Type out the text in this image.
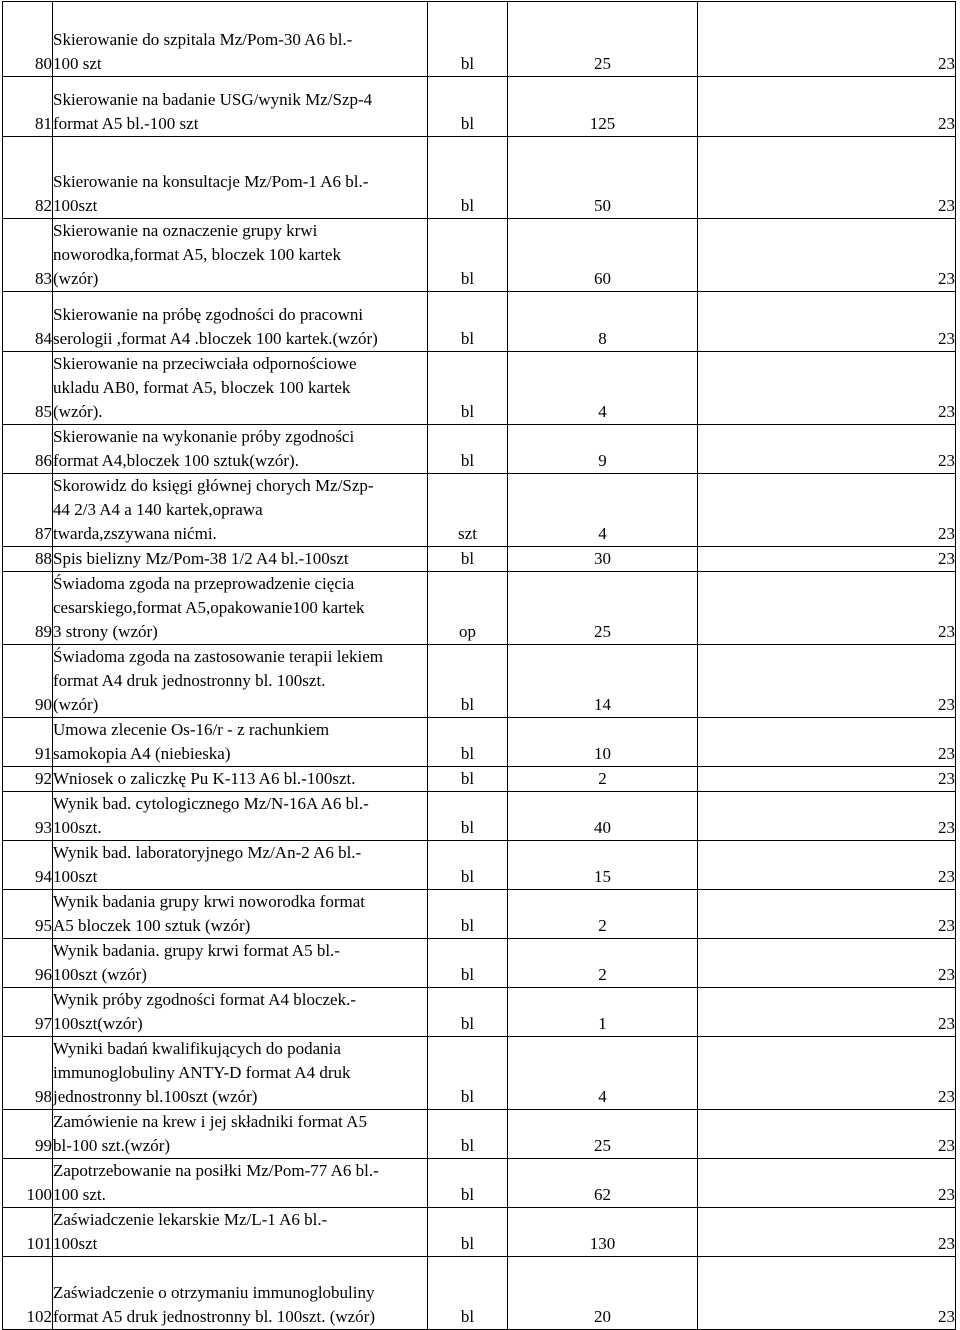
80	Skierowanie do szpitala Mz/Pom-30 A6 bl.-
100 szt	bl	25	23
81	Skierowanie na badanie USG/wynik Mz/Szp-4
format A5 bl.-100 szt	bl	125	23
82	Skierowanie na konsultacje Mz/Pom-1 A6 bl.-
100szt	bl	50	23
83	Skierowanie na oznaczenie grupy krwi
noworodka,format A5, bloczek 100 kartek
(wzór)	bl	60	23
84	Skierowanie na próbę zgodności do pracowni
serologii ,format A4 .bloczek 100 kartek.(wzór)	bl	8	23
85	Skierowanie na przeciwciała odpornościowe
ukladu AB0, format A5, bloczek 100 kartek
(wzór).	bl	4	23
86	Skierowanie na wykonanie próby zgodności
format A4,bloczek 100 sztuk(wzór).	bl	9	23
87	Skorowidz do księgi głównej chorych Mz/Szp-
44 2/3 A4 a 140 kartek,oprawa
twarda,zszywana nićmi.	szt	4	23
88	Spis bielizny Mz/Pom-38 1/2 A4 bl.-100szt	bl	30	23
89	Świadoma zgoda na przeprowadzenie cięcia
cesarskiego,format A5,opakowanie100 kartek
3 strony (wzór)	op	25	23
90	Świadoma zgoda na zastosowanie terapii lekiem
format A4 druk jednostronny bl. 100szt.
(wzór)	bl	14	23
91	Umowa zlecenie Os-16/r - z rachunkiem
samokopia A4 (niebieska)	bl	10	23
92	Wniosek o zaliczkę Pu K-113 A6 bl.-100szt.	bl	2	23
93	Wynik bad. cytologicznego Mz/N-16A A6 bl.-
100szt.	bl	40	23
94	Wynik bad. laboratoryjnego Mz/An-2 A6 bl.-
100szt	bl	15	23
95	Wynik badania grupy krwi noworodka format
A5 bloczek 100 sztuk (wzór)	bl	2	23
96	Wynik badania. grupy krwi format A5 bl.-
100szt (wzór)	bl	2	23
97	Wynik próby zgodności format A4 bloczek.-
100szt(wzór)	bl	1	23
98	Wyniki badań kwalifikujących do podania
immunoglobuliny ANTY-D format A4 druk
jednostronny bl.100szt (wzór)	bl	4	23
99	Zamówienie na krew i jej składniki format A5
bl-100 szt.(wzór)	bl	25	23
100	Zapotrzebowanie na posiłki Mz/Pom-77 A6 bl.-
100 szt.	bl	62	23
101	Zaświadczenie lekarskie Mz/L-1 A6 bl.-
100szt	bl	130	23
102	Zaświadczenie o otrzymaniu immunoglobuliny
format A5 druk jednostronny bl. 100szt. (wzór)	bl	20	23
